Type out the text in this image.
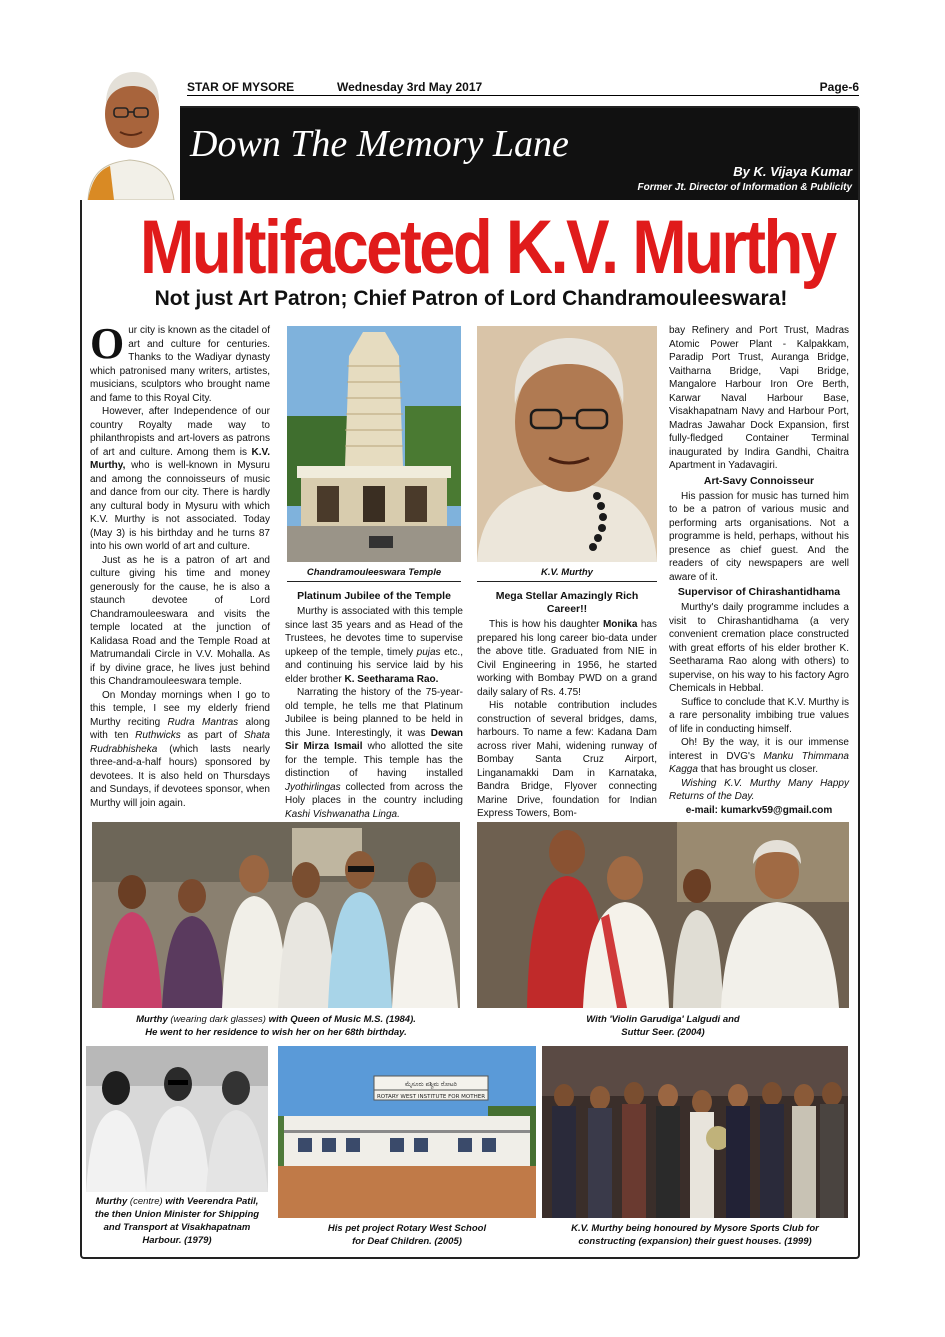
STAR OF MYSORE	Wednesday 3rd May 2017	Page-6
Down The Memory Lane
By K. Vijaya Kumar
Former Jt. Director of Information & Publicity
Multifaceted K.V. Murthy
Not just Art Patron; Chief Patron of Lord Chandramouleeswara!

Our city is known as the citadel of art and culture for centuries. Thanks to the Wadiyar dynasty which patronised many writers, artistes, musicians, sculptors who brought name and fame to this Royal City.

However, after Independence of our country Royalty made way to philanthropists and art-lovers as patrons of art and culture. Among them is K.V. Murthy, who is well-known in Mysuru and among the connoisseurs of music and dance from our city. There is hardly any cultural body in Mysuru with which K.V. Murthy is not associated. Today (May 3) is his birthday and he turns 87 into his own world of art and culture.

Just as he is a patron of art and culture giving his time and money generously for the cause, he is also a staunch devotee of Lord Chandramouleeswara and visits the temple located at the junction of Kalidasa Road and the Temple Road at Matrumandali Circle in V.V. Mohalla. As if by divine grace, he lives just behind this Chandramouleeswara temple.

On Monday mornings when I go to this temple, I see my elderly friend Murthy reciting Rudra Mantras along with ten Ruthwicks as part of Shata Rudrabhisheka (which lasts nearly three-and-a-half hours) sponsored by devotees. It is also held on Thursdays and Sundays, if devotees sponsor, when Murthy will join again.

Chandramouleeswara Temple	K.V. Murthy
Platinum Jubilee of the Temple

Murthy is associated with this temple since last 35 years and as Head of the Trustees, he devotes time to supervise upkeep of the temple, timely pujas etc., and continuing his service laid by his elder brother K. Seetharama Rao.

Narrating the history of the 75-year-old temple, he tells me that Platinum Jubilee is being planned to be held in this June. Interestingly, it was Dewan Sir Mirza Ismail who allotted the site for the temple. This temple has the distinction of having installed Jyothirlingas collected from across the Holy places in the country including Kashi Vishwanatha Linga.

Mega Stellar Amazingly Rich Career!!

This is how his daughter Monika has prepared his long career bio-data under the above title. Graduated from NIE in Civil Engineering in 1956, he started working with Bombay PWD on a grand daily salary of Rs. 4.75!

His notable contribution includes construction of several bridges, dams, harbours. To name a few: Kadana Dam across river Mahi, widening runway of Bombay Santa Cruz Airport, Linganamakki Dam in Karnataka, Bandra Bridge, Flyover connecting Marine Drive, foundation for Indian Express Towers, Bom-

bay Refinery and Port Trust, Madras Atomic Power Plant - Kalpakkam, Paradip Port Trust, Auranga Bridge, Vaitharna Bridge, Vapi Bridge, Mangalore Harbour Iron Ore Berth, Karwar Naval Harbour Base, Visakhapatnam Navy and Harbour Port, Madras Jawahar Dock Expansion, first fully-fledged Container Terminal inaugurated by Indira Gandhi, Chaitra Apartment in Yadavagiri.

Art-Savy Connoisseur

His passion for music has turned him to be a patron of various music and performing arts organisations. Not a programme is held, perhaps, without his presence as chief guest. And the readers of city newspapers are well aware of it.

Supervisor of Chirashantidhama

Murthy's daily programme includes a visit to Chirashantidhama (a very convenient cremation place constructed with great efforts of his elder brother K. Seetharama Rao along with others) to supervise, on his way to his factory Agro Chemicals in Hebbal.

Suffice to conclude that K.V. Murthy is a rare personality imbibing true values of life in conducting himself.

Oh! By the way, it is our immense interest in DVG's Manku Thimmana Kagga that has brought us closer.

Wishing K.V. Murthy Many Happy Returns of the Day.

e-mail: kumarkv59@gmail.com

Murthy (wearing dark glasses) with Queen of Music M.S. (1984).
He went to her residence to wish her on her 68th birthday.
With 'Violin Garudiga' Lalgudi and
Suttur Seer. (2004)
Murthy (centre) with Veerendra Patil,
the then Union Minister for Shipping
and Transport at Visakhapatnam
Harbour. (1979)
ಮೈಸೂರು ಪಶ್ಚಿಮ ರೋಟರಿ
ROTARY WEST INSTITUTE FOR MOTHER
His pet project Rotary West School
for Deaf Children. (2005)
K.V. Murthy being honoured by Mysore Sports Club for
constructing (expansion) their guest houses. (1999)
